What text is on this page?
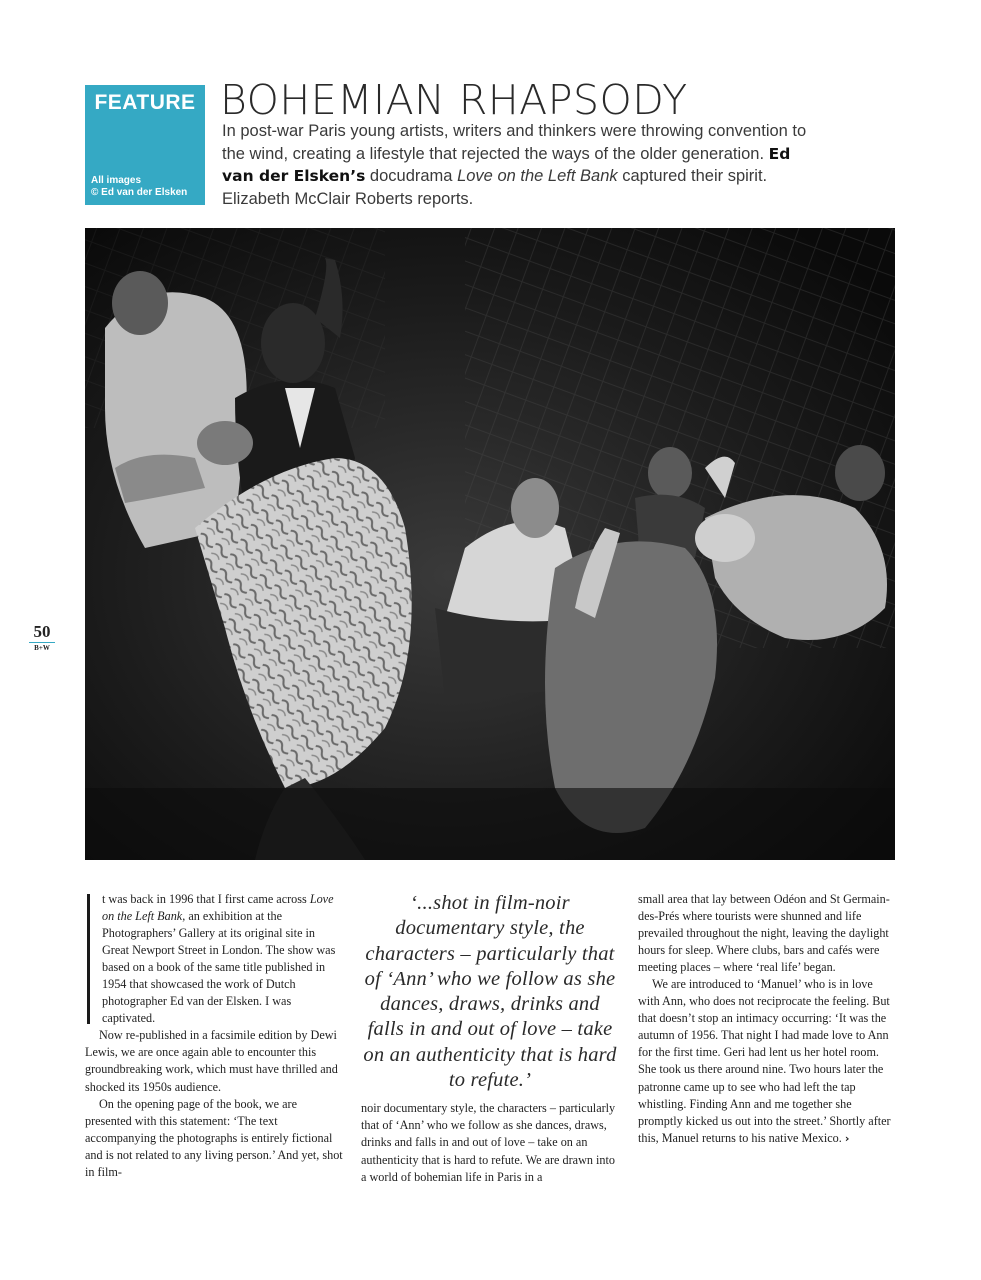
FEATURE
All images
© Ed van der Elsken
BOHEMIAN RHAPSODY

In post-war Paris young artists, writers and thinkers were throwing convention to the wind, creating a lifestyle that rejected the ways of the older generation. Ed van der Elsken’s docudrama Love on the Left Bank captured their spirit. Elizabeth McClair Roberts reports.

50
B+W

t was back in 1996 that I first came across Love on the Left Bank, an exhibition at the Photographers’ Gallery at its original site in Great Newport Street in London. The show was based on a book of the same title published in 1954 that showcased the work of Dutch photographer Ed van der Elsken. I was captivated.

Now re-published in a facsimile edition by Dewi Lewis, we are once again able to encounter this groundbreaking work, which must have thrilled and shocked its 1950s audience.

On the opening page of the book, we are presented with this statement: ‘The text accompanying the photographs is entirely fictional and is not related to any living person.’ And yet, shot in film-

‘...shot in film-noir documentary style, the characters – particularly that of ‘Ann’ who we follow as she dances, draws, drinks and falls in and out of love – take on an authenticity that is hard to refute.’

noir documentary style, the characters – particularly that of ‘Ann’ who we follow as she dances, draws, drinks and falls in and out of love – take on an authenticity that is hard to refute. We are drawn into a world of bohemian life in Paris in a

small area that lay between Odéon and St Germain-des-Prés where tourists were shunned and life prevailed throughout the night, leaving the daylight hours for sleep. Where clubs, bars and cafés were meeting places – where ‘real life’ began.

We are introduced to ‘Manuel’ who is in love with Ann, who does not reciprocate the feeling. But that doesn’t stop an intimacy occurring: ‘It was the autumn of 1956. That night I had made love to Ann for the first time. Geri had lent us her hotel room. She took us there around nine. Two hours later the patronne came up to see who had left the tap whistling. Finding Ann and me together she promptly kicked us out into the street.’ Shortly after this, Manuel returns to his native Mexico. ›
